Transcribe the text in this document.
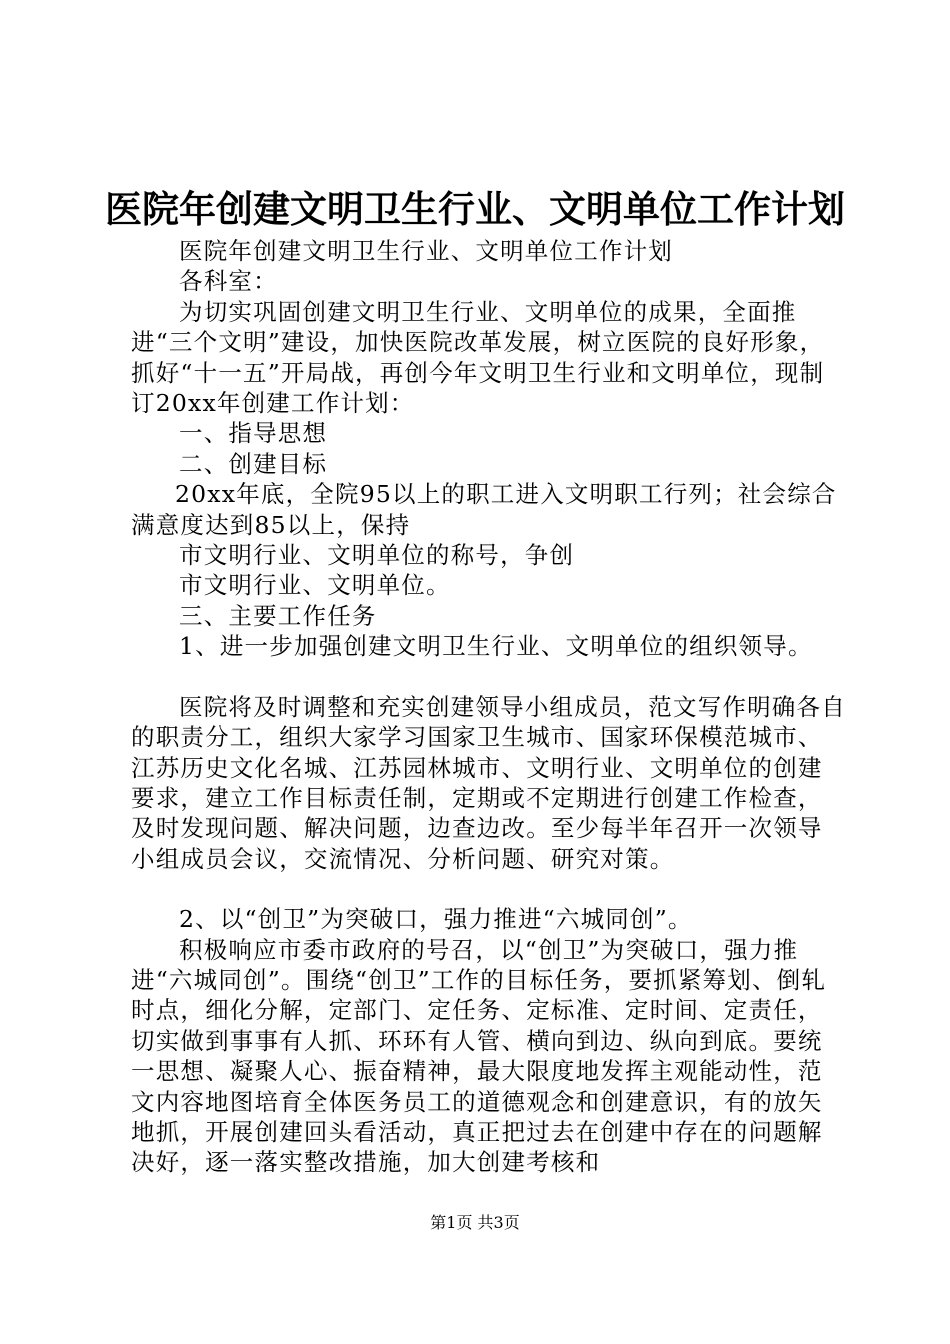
医院年创建文明卫生行业、文明单位工作计划

医院年创建文明卫生行业、文明单位工作计划

各科室：

为切实巩固创建文明卫生行业、文明单位的成果，全面推进“三个文明”建设，加快医院改革发展，树立医院的良好形象，抓好“十一五”开局战，再创今年文明卫生行业和文明单位，现制订20xx年创建工作计划：

一、指导思想

二、创建目标

20xx年底，全院95以上的职工进入文明职工行列；社会综合满意度达到85以上，保持

市文明行业、文明单位的称号，争创

市文明行业、文明单位。

三、主要工作任务

1、进一步加强创建文明卫生行业、文明单位的组织领导。

医院将及时调整和充实创建领导小组成员，范文写作明确各自的职责分工，组织大家学习国家卫生城市、国家环保模范城市、江苏历史文化名城、江苏园林城市、文明行业、文明单位的创建要求，建立工作目标责任制，定期或不定期进行创建工作检查，及时发现问题、解决问题，边查边改。至少每半年召开一次领导小组成员会议，交流情况、分析问题、研究对策。

2、以“创卫”为突破口，强力推进“六城同创”。

积极响应市委市政府的号召，以“创卫”为突破口，强力推进“六城同创”。围绕“创卫”工作的目标任务，要抓紧筹划、倒轧时点，细化分解，定部门、定任务、定标准、定时间、定责任，切实做到事事有人抓、环环有人管、横向到边、纵向到底。要统一思想、凝聚人心、振奋精神，最大限度地发挥主观能动性，范文内容地图培育全体医务员工的道德观念和创建意识，有的放矢地抓，开展创建回头看活动，真正把过去在创建中存在的问题解决好，逐一落实整改措施，加大创建考核和

第1页 共3页
